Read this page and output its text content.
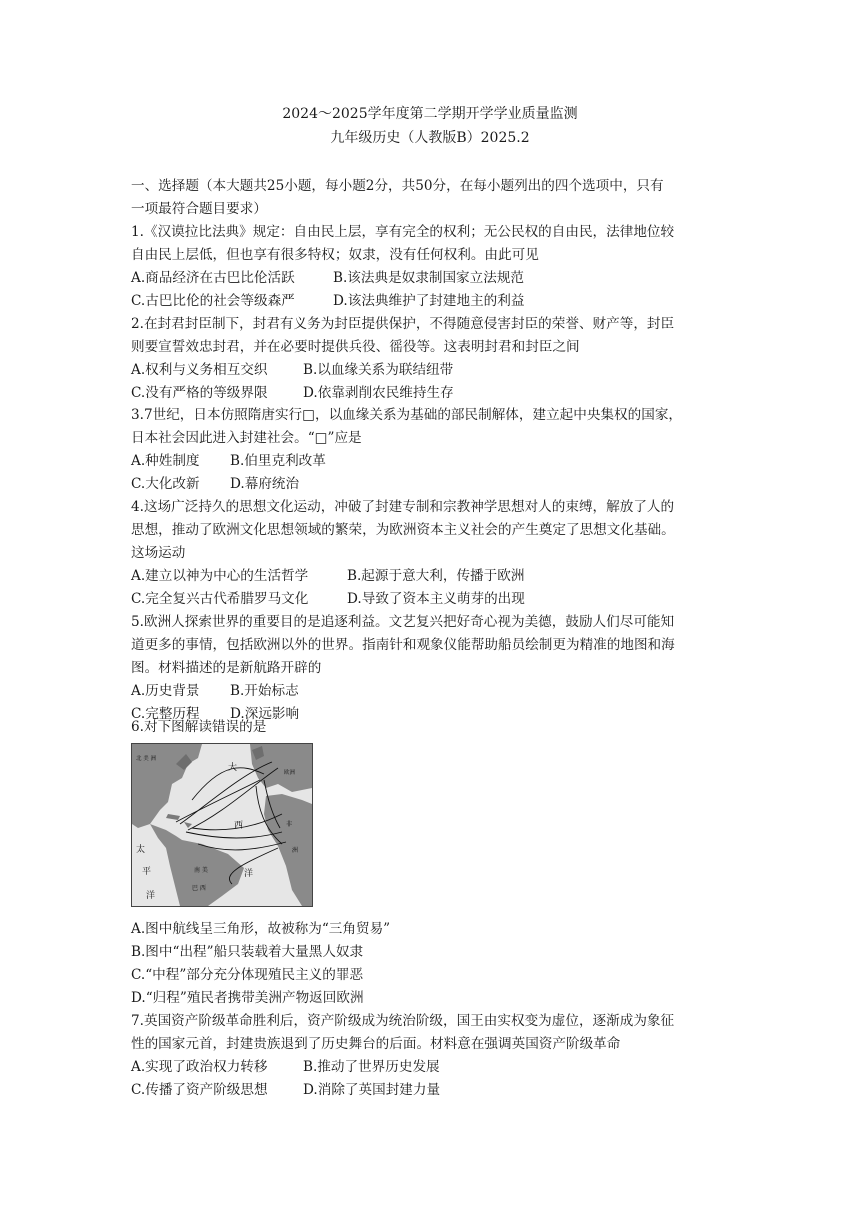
2024～2025学年度第二学期开学学业质量监测
九年级历史（人教版B）2025.2
一、选择题（本大题共25小题，每小题2分，共50分，在每小题列出的四个选项中，只有
一项最符合题目要求）
1.《汉谟拉比法典》规定：自由民上层，享有完全的权利；无公民权的自由民，法律地位较
自由民上层低，但也享有很多特权；奴隶，没有任何权利。由此可见
A.商品经济在古巴比伦活跃	B.该法典是奴隶制国家立法规范
C.古巴比伦的社会等级森严	D.该法典维护了封建地主的利益
2.在封君封臣制下，封君有义务为封臣提供保护，不得随意侵害封臣的荣誉、财产等，封臣
则要宣誓效忠封君，并在必要时提供兵役、徭役等。这表明封君和封臣之间
A.权利与义务相互交织	B.以血缘关系为联结纽带
C.没有严格的等级界限	D.依靠剥削农民维持生存
3.7世纪，日本仿照隋唐实行□，以血缘关系为基础的部民制解体，建立起中央集权的国家，
日本社会因此进入封建社会。“□”应是
A.种姓制度 B.伯里克利改革
C.大化改新 D.幕府统治
4.这场广泛持久的思想文化运动，冲破了封建专制和宗教神学思想对人的束缚，解放了人的
思想，推动了欧洲文化思想领域的繁荣，为欧洲资本主义社会的产生奠定了思想文化基础。
这场运动
A.建立以神为中心的生活哲学	B.起源于意大利，传播于欧洲
C.完全复兴古代希腊罗马文化	D.导致了资本主义萌芽的出现
5.欧洲人探索世界的重要目的是追逐利益。文艺复兴把好奇心视为美德，鼓励人们尽可能知
道更多的事情，包括欧洲以外的世界。指南针和观象仪能帮助船员绘制更为精准的地图和海
图。材料描述的是新航路开辟的
A.历史背景 B.开始标志
C.完整历程 D.深远影响
6.对下图解读错误的是
北 美 洲
大
西
洋
欧洲
非
洲
太
平
洋
巴 西
南 美
A.图中航线呈三角形，故被称为“三角贸易”
B.图中“出程”船只装载着大量黑人奴隶
C.“中程”部分充分体现殖民主义的罪恶
D.“归程”殖民者携带美洲产物返回欧洲
7.英国资产阶级革命胜利后，资产阶级成为统治阶级，国王由实权变为虚位，逐渐成为象征
性的国家元首，封建贵族退到了历史舞台的后面。材料意在强调英国资产阶级革命
A.实现了政治权力转移	B.推动了世界历史发展
C.传播了资产阶级思想	D.消除了英国封建力量
